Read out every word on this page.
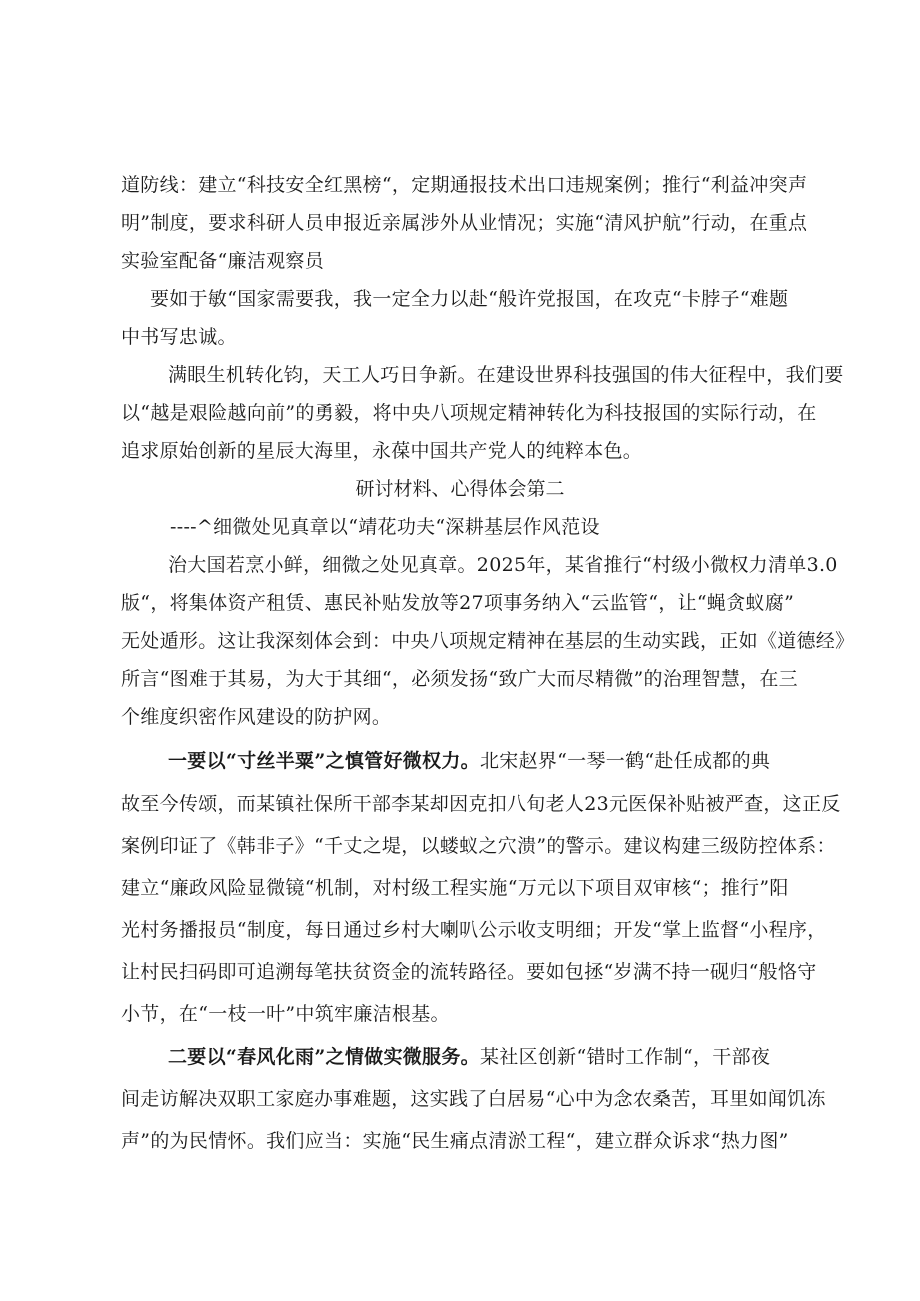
道防线：建立“科技安全红黑榜“，定期通报技术出口违规案例；推行“利益冲突声
明”制度，要求科研人员申报近亲属涉外从业情况；实施“清风护航”行动，在重点
实验室配备“廉洁观察员
要如于敏“国家需要我，我一定全力以赴“般许党报国，在攻克“卡脖子“难题
中书写忠诚。
满眼生机转化钧，天工人巧日争新。在建设世界科技强国的伟大征程中，我们要
以“越是艰险越向前”的勇毅，将中央八项规定精神转化为科技报国的实际行动，在
追求原始创新的星辰大海里，永葆中国共产党人的纯粹本色。
研讨材料、心得体会第二
----^细微处见真章以“靖花功夫“深耕基层作风范设
治大国若烹小鲜，细微之处见真章。2025年，某省推行“村级小微权力清单3.0
版“，将集体资产租赁、惠民补贴发放等27项事务纳入“云监管“，让“蝇贪蚁腐”
无处遁形。这让我深刻体会到：中央八项规定精神在基层的生动实践，正如《道德经》
所言“图难于其易，为大于其细“，必须发扬“致广大而尽精微”的治理智慧，在三
个维度织密作风建设的防护网。
一要以“寸丝半粟”之慎管好微权力。北宋赵界“一琴一鹤“赴任成都的典
故至今传颂，而某镇社保所干部李某却因克扣八旬老人23元医保补贴被严查，这正反
案例印证了《韩非子》“千丈之堤，以蝼蚁之穴溃”的警示。建议构建三级防控体系：
建立“廉政风险显微镜“机制，对村级工程实施“万元以下项目双审核“；推行”阳
光村务播报员“制度，每日通过乡村大喇叭公示收支明细；开发“掌上监督“小程序，
让村民扫码即可追溯每笔扶贫资金的流转路径。要如包拯“岁满不持一砚归“般恪守
小节，在“一枝一叶”中筑牢廉洁根基。
二要以“春风化雨”之情做实微服务。某社区创新“错时工作制“，干部夜
间走访解决双职工家庭办事难题，这实践了白居易“心中为念农桑苦，耳里如闻饥冻
声”的为民情怀。我们应当：实施“民生痛点清淤工程“，建立群众诉求“热力图”
